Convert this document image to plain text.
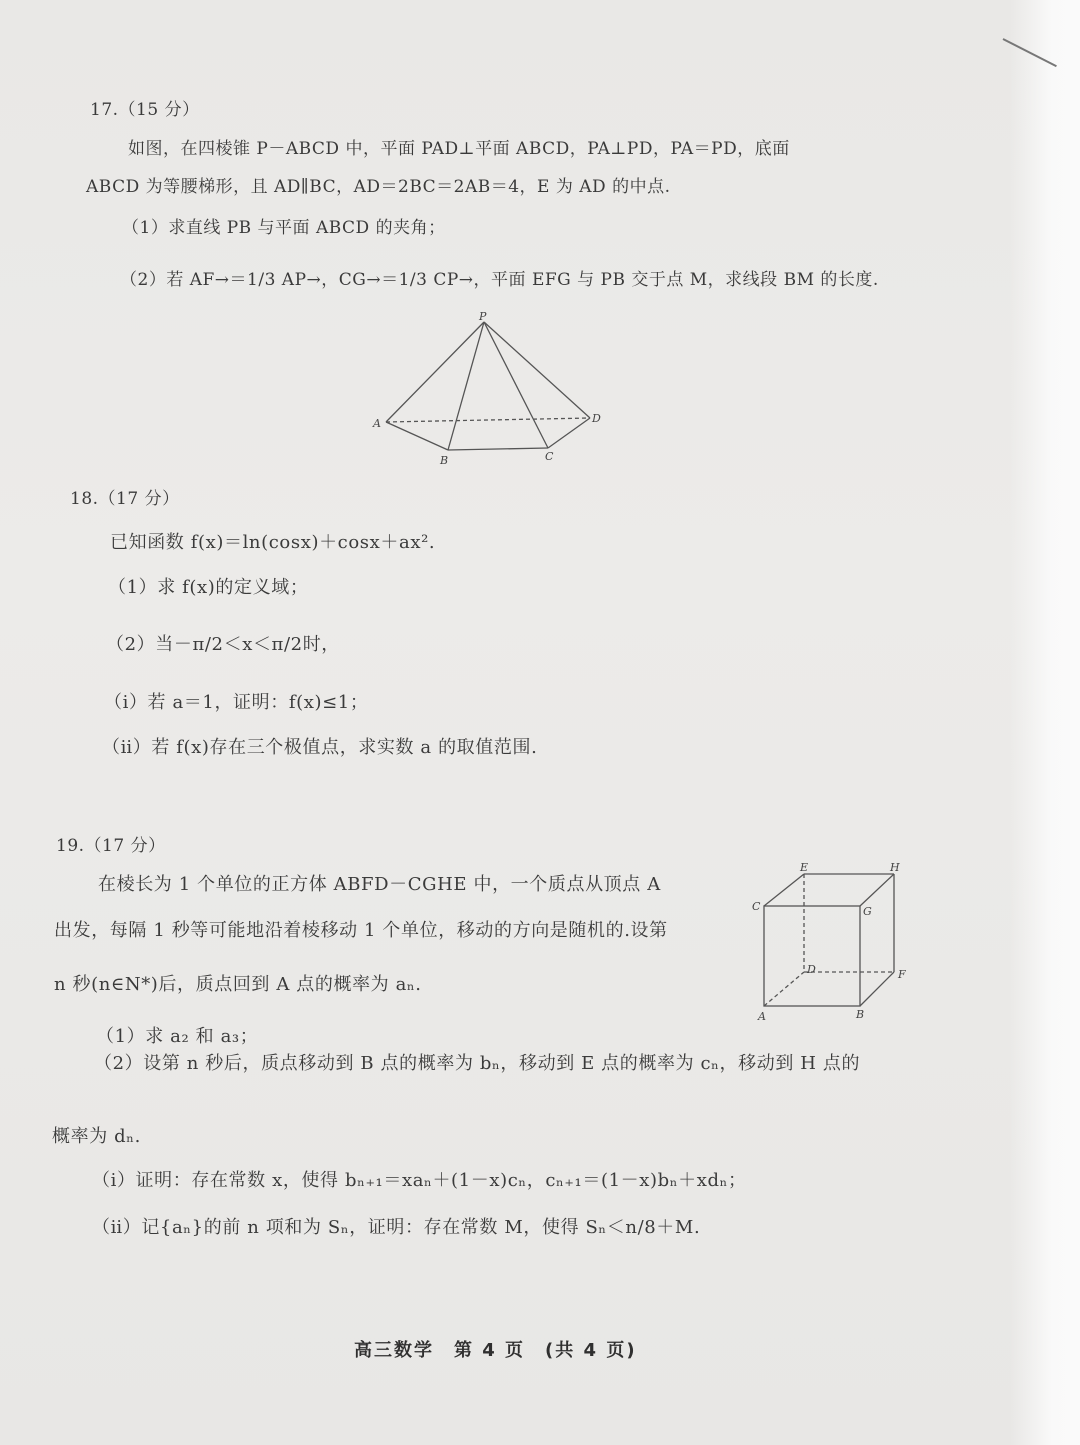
17.（15 分）
如图，在四棱锥 P－ABCD 中，平面 PAD⊥平面 ABCD，PA⊥PD，PA＝PD，底面
ABCD 为等腰梯形，且 AD∥BC，AD＝2BC＝2AB＝4，E 为 AD 的中点.
（1）求直线 PB 与平面 ABCD 的夹角；
（2）若 AF→＝1/3 AP→，CG→＝1/3 CP→，平面 EFG 与 PB 交于点 M，求线段 BM 的长度.
P
A
B	C
D
18.（17 分）
已知函数 f(x)＝ln(cosx)＋cosx＋ax².
（1）求 f(x)的定义域；
（2）当－π/2＜x＜π/2时，
（ⅰ）若 a＝1，证明：f(x)≤1；
（ⅱ）若 f(x)存在三个极值点，求实数 a 的取值范围.
19.（17 分）
在棱长为 1 个单位的正方体 ABFD－CGHE 中，一个质点从顶点 A
出发，每隔 1 秒等可能地沿着棱移动 1 个单位，移动的方向是随机的.设第
n 秒(n∈N*)后，质点回到 A 点的概率为 aₙ.
（1）求 a₂ 和 a₃；
（2）设第 n 秒后，质点移动到 B 点的概率为 bₙ，移动到 E 点的概率为 cₙ，移动到 H 点的
概率为 dₙ.
（ⅰ）证明：存在常数 x，使得 bₙ₊₁＝xaₙ＋(1－x)cₙ，cₙ₊₁＝(1－x)bₙ＋xdₙ；
（ⅱ）记{aₙ}的前 n 项和为 Sₙ，证明：存在常数 M，使得 Sₙ＜n/8＋M.
E	H
C	G
D	F
A	B
高三数学　第 4 页　(共 4 页)
